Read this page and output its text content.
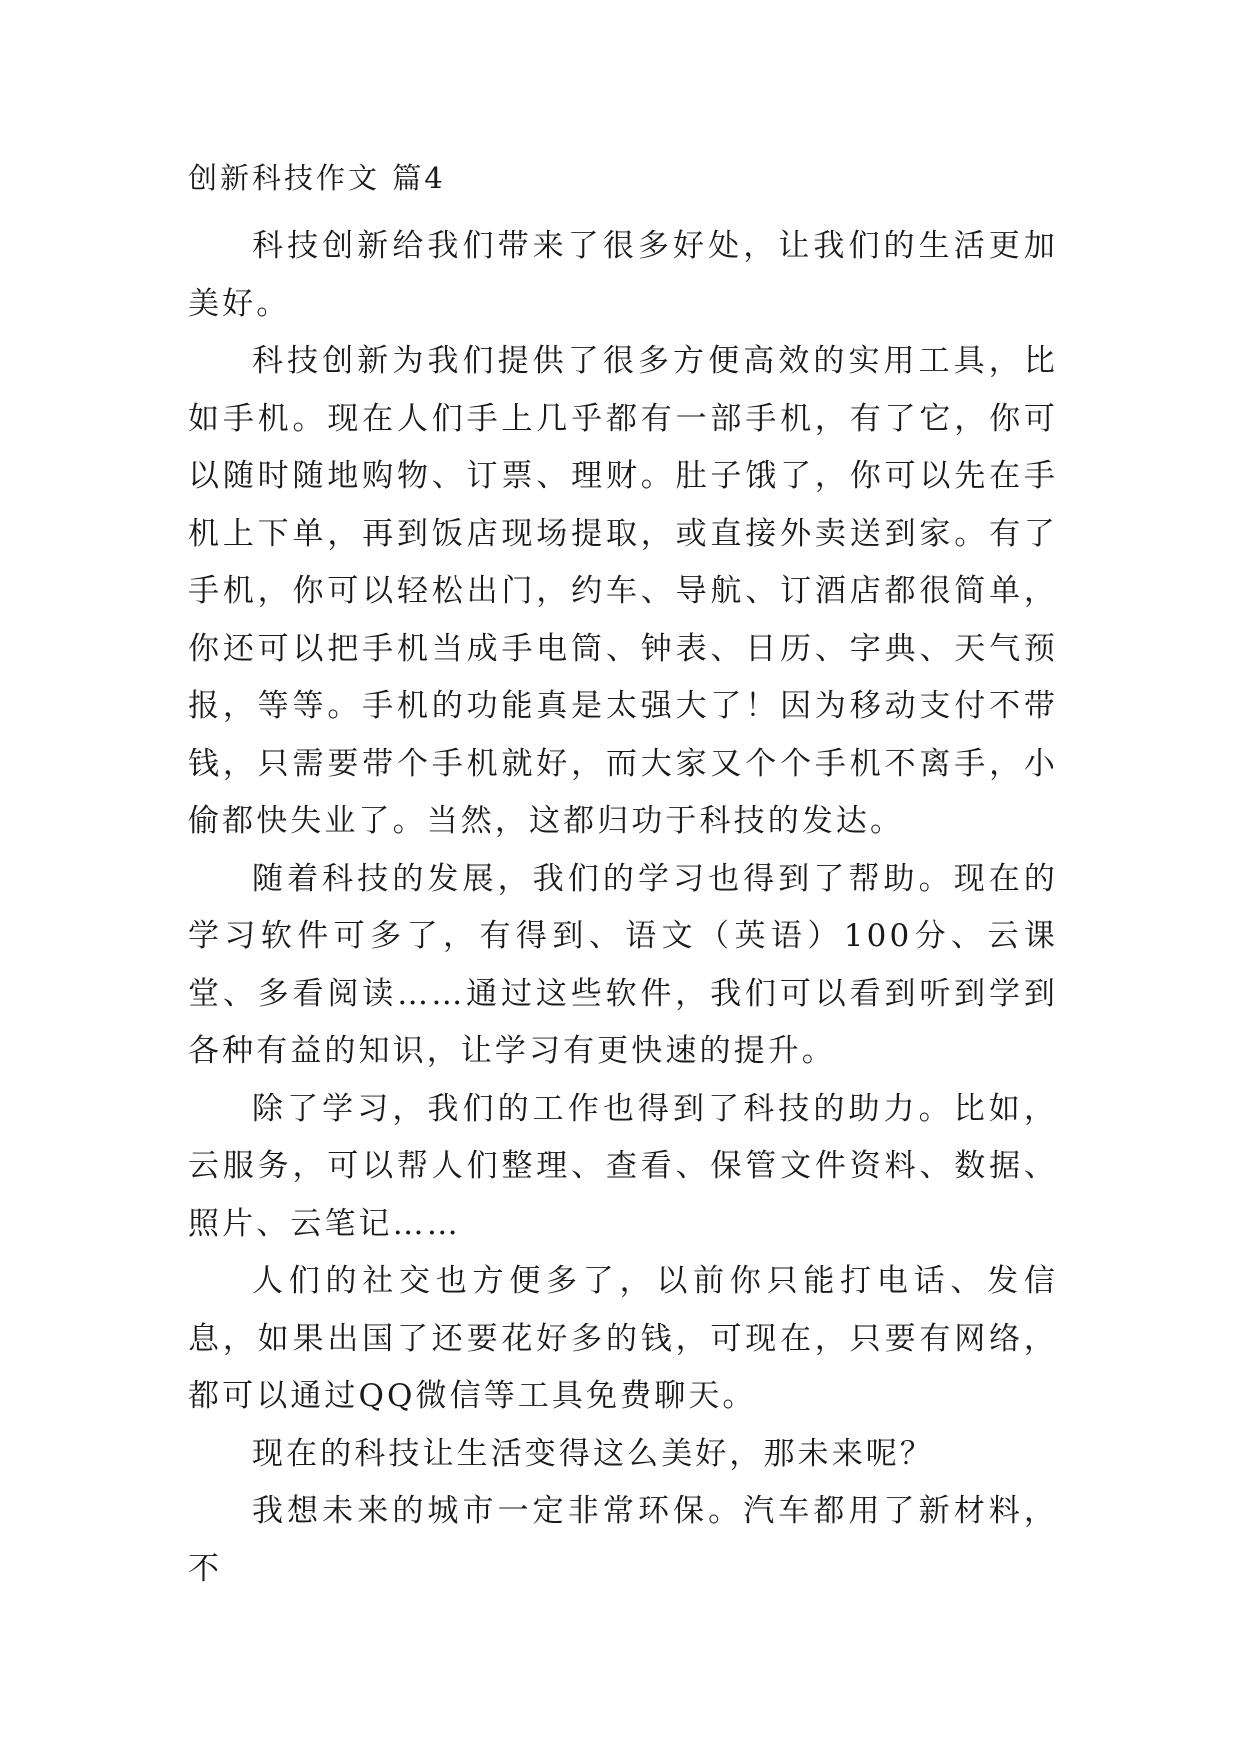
创新科技作文 篇4

科技创新给我们带来了很多好处，让我们的生活更加美好。

科技创新为我们提供了很多方便高效的实用工具，比如手机。现在人们手上几乎都有一部手机，有了它，你可以随时随地购物、订票、理财。肚子饿了，你可以先在手机上下单，再到饭店现场提取，或直接外卖送到家。有了手机，你可以轻松出门，约车、导航、订酒店都很简单，你还可以把手机当成手电筒、钟表、日历、字典、天气预报，等等。手机的功能真是太强大了！因为移动支付不带钱，只需要带个手机就好，而大家又个个手机不离手，小偷都快失业了。当然，这都归功于科技的发达。

随着科技的发展，我们的学习也得到了帮助。现在的学习软件可多了，有得到、语文（英语）100分、云课堂、多看阅读……通过这些软件，我们可以看到听到学到各种有益的知识，让学习有更快速的提升。

除了学习，我们的工作也得到了科技的助力。比如，云服务，可以帮人们整理、查看、保管文件资料、数据、照片、云笔记……

人们的社交也方便多了，以前你只能打电话、发信息，如果出国了还要花好多的钱，可现在，只要有网络，都可以通过QQ微信等工具免费聊天。

现在的科技让生活变得这么美好，那未来呢？

我想未来的城市一定非常环保。汽车都用了新材料，不
